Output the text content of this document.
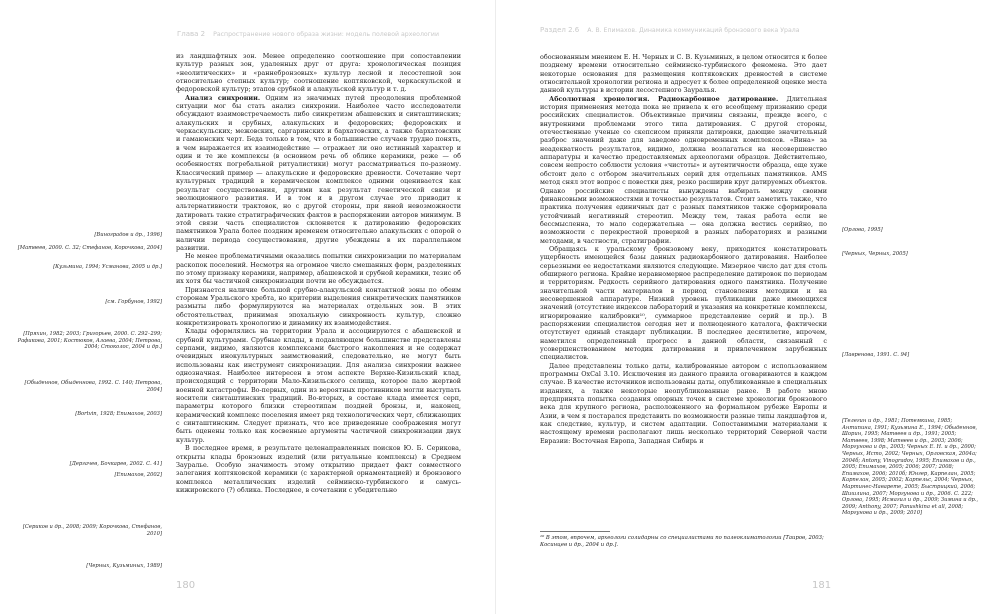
Глава 2 Распространение нового образа жизни: модель полевой археологии

из ландшафтных зон. Менее определенно соотношение при сопоставлении культур разных зон, удаленных друг от друга: хронологическая позиция «неолитических» и «раннебронзовых» культур лесной и лесостепной зон относительно степных культур; соотношение коптяковской, черкаскульской и федоровской культур; этапов срубной и алакульской культур и т. д.

Анализ синхронии. Одним из значимых путей преодоления проблемной ситуации мог бы стать анализ синхронии. Наиболее часто исследователи обсуждают взаимовстречаемость либо синкретизм абашевских и синташтинских; алакульских и срубных, алакульских и федоровских; федоровских и черкаскульских; межовских, саргаринских и бархатовских, а также бархатовских и гамаюнских черт. Беда только в том, что в большинстве случаев трудно понять, в чем выражается их взаимодействие — отражает ли оно истинный характер и один и те же комплексы (в основном речь об облике керамики, реже — об особенностях погребальной ритуалистики) могут рассматриваться по-разному. Классический пример — алакульские и федоровские древности. Сочетание черт культурных традиций в керамическом комплексе одними оценивается как результат сосуществования, другими как результат генетической связи и эволюционного развития. И в том и в другом случае это приводит к альтернативности трактовок, но с другой стороны, при явной невозможности датировать такие стратиграфических фактов в распоряжении авторов минимум. В этой связи часть специалистов склоняется к датированию федоровских памятников Урала более поздним временем относительно алакульских с опорой о наличии периода сосуществования, другие убеждены в их параллельном развитии.

Не менее проблематичными оказались попытки синхронизации по материалам раскопок поселений. Несмотря на огромное число смешанных форм, разделенных по этому признаку керамики, например, абашевской и срубной керамики, тезис об их хотя бы частичной синхронизации почти не обсуждается.

Признается наличие большой срубно-алакульской контактной зоны по обеим сторонам Уральского хребта, но критерии выделения синкретических памятников размыты либо формулируются на материалах отдельных зон. В этих обстоятельствах, принимая эпохальную синхронность культур, сложно конкретизировать хронологию и динамику их взаимодействия.

Клады оформлялись на территории Урала и ассоциируются с абашевской и срубной культурами. Срубные клады, в подавляющем большинстве представлены серпами, видимо, являются комплексами быстрого накопления и не содержат очевидных инокультурных заимствований, следовательно, не могут быть использованы как инструмент синхронизации. Для анализа синхронии важнее однозначная. Наиболее интересен в этом аспекте Верхне-Кизильский клад, происходящий с территории Мало-Кизильского селища, которое пало жертвой военной катастрофы. Во-первых, один из вероятных противников могли выступать носители синташтинских традиций. Во-вторых, в составе клада имеется серп, параметры которого близки стереотипам поздней бронзы, и, наконец, керамический комплекс поселения имеет ряд технологических черт, сближающих с синташтинским. Следует признать, что все приведенные соображения могут быть оценены только как косвенные аргументы частичной синхронизации двух культур.

В последнее время, в результате целенаправленных поисков Ю. Б. Сериковa, открыты клады бронзовых изделий (или ритуальные комплексы) в Среднем Зауралье. Особую значимость этому открытию придает факт совместного залегания коптяковской керамики (с характерной орнаментацией) и бронзового комплекса металлических изделий сейминско-турбинского и самусь-кижировского (?) облика. Последнее, в сочетании с убедительно

[Виноградов и др., 1996]
[Матвеев, 2000. С. 32; Стефанов, Корочкова, 2004]
[Кузьмина, 1994; Усманова, 2005 и др.]
[см. Горбунов, 1992]
[Пряхин, 1982; 2003; Григорьев, 2000. С. 292–299; Рафикова, 2001; Костюков, Алаева, 2004; Петрова, 2004; Стоколос, 2004 и др.]
[Обыденнов, Обыденнова, 1992. С. 140; Петрова, 2004]
[Bortvin, 1928; Епимахов, 2003]
[Дергачев, Бочкарев, 2002. С. 41]
[Епимахов, 2002]
[Сериков и др., 2008; 2009; Корочкова, Стефанов, 2010]
[Черных, Кузьминых, 1989]
180
Раздел 2.6 А. В. Епимахов. Динамика коммуникаций бронзового века Урала

обоснованным мнением Е. Н. Черных и С. В. Кузьминых, в целом относится к более позднему времени относительно сейминско-турбинского феномена. Это дает некоторые основания для размещения коптяковских древностей в системе относительной хронологии региона и адресует к более определенной оценке места данной культуры в истории лесостепного Зауралья.

Абсолютная хронология. Радиокарбонное датирование. Длительная история применения метода пока не привела к его всеобщему признанию среди российских специалистов. Объективные причины связаны, прежде всего, с внутренними проблемами этого типа датирования. С другой стороны, отечественные ученые со скепсисом приняли датировки, дающие значительный разброс значений даже для заведомо одновременных комплексов. «Вина» за неадекватность результатов, видимо, должна возлагаться на несовершенство аппаратуры и качество предоставляемых археологами образцов. Действительно, совсем непросто соблюсти условия «чистоты» и аутентичности образца, еще хуже обстоит дело с отбором значительных серий для отдельных памятников. AMS метод снял этот вопрос с повестки дня, резко расширив круг датируемых объектов. Однако российские специалисты вынуждены выбирать между своими финансовыми возможностями и точностью результатов. Стоит заметить также, что практика получения единичных дат с разных памятников также сформировала устойчивый негативный стереотип. Между тем, такая работа если не бессмысленна, то мало содержательна — она должна вестись серийно, по возможности с перекрестной проверкой в разных лабораториях и разными методами, в частности, стратиграфии.

Обращаясь к уральскому бронзовому веку, приходится констатировать ущербность имеющейся базы данных радиокарбонного датирования. Наиболее серьезными ее недостатками являются следующие. Мизерное число дат для столь обширного региона. Крайне неравномерное распределение датировок по периодам и территориям. Редкость серийного датирования одного памятника. Получение значительной части материалов в период становления методики и на несовершенной аппаратуре. Низкий уровень публикации даже имеющихся значений (отсутствие индексов лабораторий и указания на конкретные комплексы, игнорирование калибровки¹⁰, суммарное представление серий и пр.). В распоряжении специалистов сегодня нет и полноценного каталога, фактически отсутствует единый стандарт публикации. В последнее десятилетие, впрочем, наметился определенный прогресс в данной области, связанный с усовершенствованием методик датирования и привлечением зарубежных специалистов.

Далее представлены только даты, калиброванные автором с использованием программы OxCal 3.10. Исключения из данного правила оговариваются в каждом случае. В качестве источников использованы даты, опубликованные в специальных изданиях, а также некоторые неопубликованные ранее. В работе мною предпринята попытка создания опорных точек в системе хронологии бронзового века для крупного региона, расположенного на формальном рубеже Европы и Азии, в чем я постарался представить по возможности разные типы ландшафтов и, как следствие, культур, и систем адаптации. Сопоставимыми материалами к настоящему времени располагают лишь несколько территорий Северной части Евразии: Восточная Европа, Западная Сибирь и

[Орлова, 1995]
[Черных, Черных, 2005]
[Лавренова, 1991. С. 94]
[Телегин и др., 1981; Потемкина, 1985; Антипина, 1991; Кузьмина Е., 1994; Обыденнов, Шорин, 1995; Матвеев и др., 1991; 2005; Матвеев, 1998; Матвеев и др., 2003; 2006; Моргунова и др., 2003; Черных Е. Н. и др., 2000; Черных, Исто, 2002; Черных, Орловская, 2004а; 2004б; Antony, Vinogradov, 1995; Епимахов и др., 2005; Епимахов, 2005; 2006; 2007; 2008; Епимахов, 2006; 2010б; Юнгер, Карпелан, 2005; Карпелан, 2005; 2002; Карпельс, 2004; Черных, Мартинес-Наварете, 2005; Быстрицкий, 2006; Шишлина, 2007; Моргунова и др., 2006. С. 222; Орлова, 1995; Исмагил и др., 2009; Зимина и др., 2009; Anthony, 2007; Panushkina et all, 2008; Моргунова и др., 2009; 2010]
¹⁰ В этом, впрочем, археологи солидарны со специалистами по палеоклиматологии [Таиров, 2003; Косинцев и др., 2004 и др.].
181
